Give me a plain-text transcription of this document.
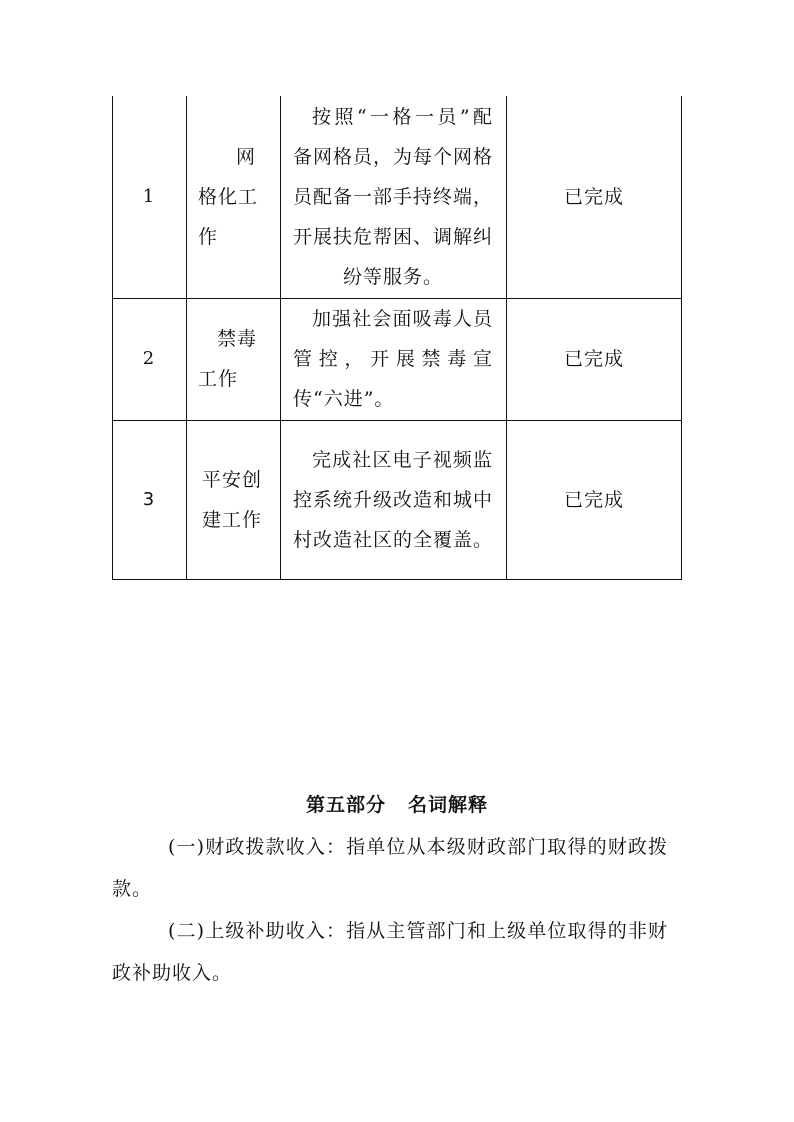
1
网格化工作
按照“一格一员”配备网格员，为每个网格员配备一部手持终端，开展扶危帮困、调解纠纷等服务。
已完成
2
禁毒工作
加强社会面吸毒人员管控，开展禁毒宣传“六进”。
已完成
3
平安创建工作
完成社区电子视频监控系统升级改造和城中村改造社区的全覆盖。
已完成
第五部分 名词解释
(一)财政拨款收入：指单位从本级财政部门取得的财政拨款。
(二)上级补助收入：指从主管部门和上级单位取得的非财政补助收入。
